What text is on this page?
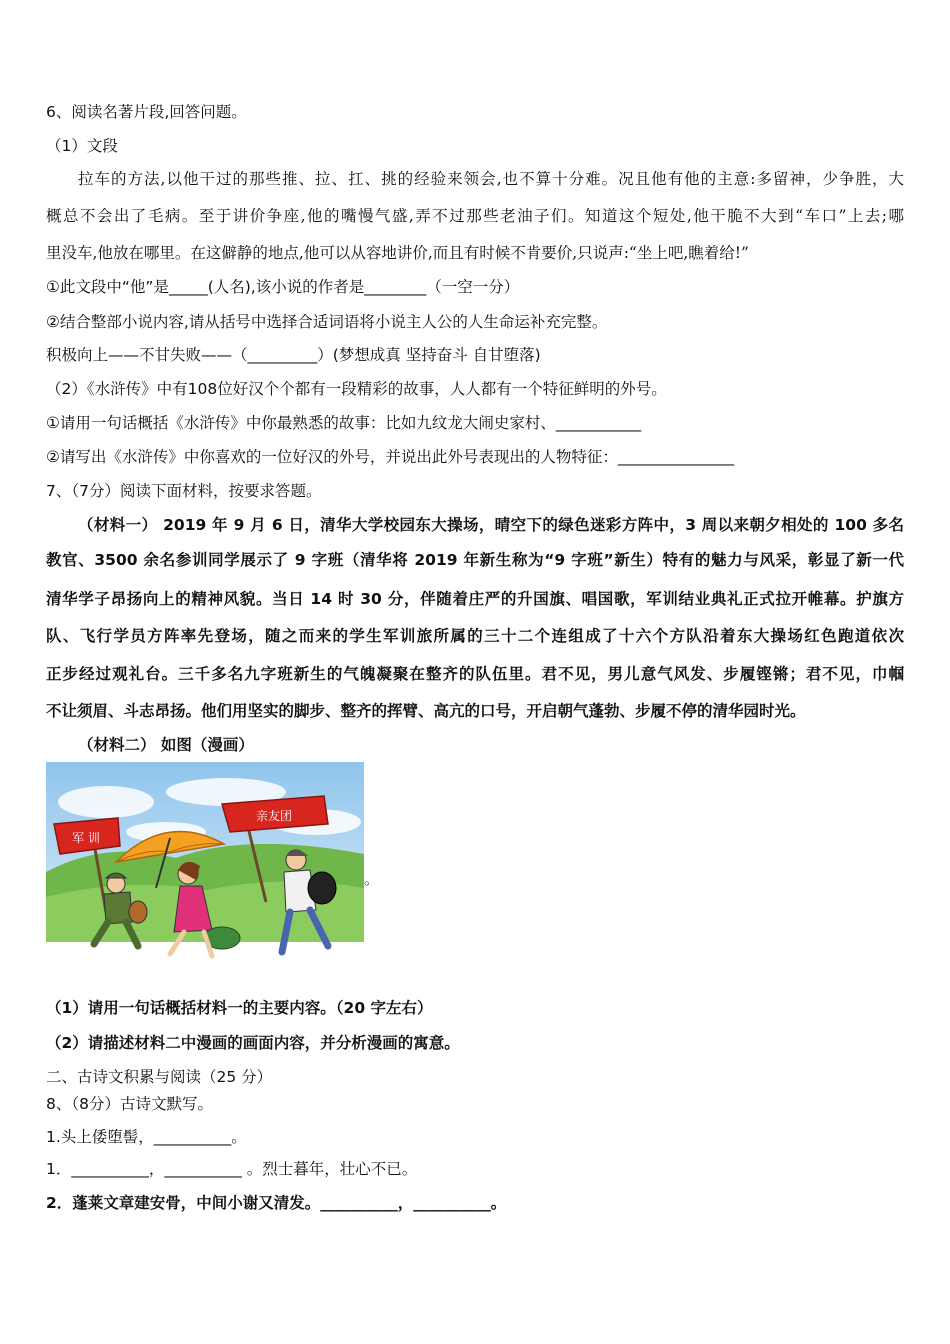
6、阅读名著片段,回答问题。
（1）文段
拉车的方法,以他干过的那些推、拉、扛、挑的经验来领会,也不算十分难。况且他有他的主意:多留神，少争胜，大
概总不会出了毛病。至于讲价争座,他的嘴慢气盛,弄不过那些老油子们。知道这个短处,他干脆不大到“车口”上去;哪
里没车,他放在哪里。在这僻静的地点,他可以从容地讲价,而且有时候不肯要价,只说声:“坐上吧,瞧着给!”
①此文段中“他”是_____(人名),该小说的作者是________（一空一分）
②结合整部小说内容,请从括号中选择合适词语将小说主人公的人生命运补充完整。
积极向上——不甘失败——（_________）(梦想成真 坚持奋斗 自甘堕落)
（2）《水浒传》中有108位好汉个个都有一段精彩的故事，人人都有一个特征鲜明的外号。
①请用一句话概括《水浒传》中你最熟悉的故事：比如九纹龙大闹史家村、___________
②请写出《水浒传》中你喜欢的一位好汉的外号，并说出此外号表现出的人物特征：_______________
7、（7分）阅读下面材料，按要求答题。
（材料一） 2019 年 9 月 6 日，清华大学校园东大操场，晴空下的绿色迷彩方阵中，3 周以来朝夕相处的 100 多名
教官、3500 余名参训同学展示了 9 字班（清华将 2019 年新生称为“9 字班”新生）特有的魅力与风采，彰显了新一代
清华学子昂扬向上的精神风貌。当日 14 时 30 分，伴随着庄严的升国旗、唱国歌，军训结业典礼正式拉开帷幕。护旗方
队、飞行学员方阵率先登场，随之而来的学生军训旅所属的三十二个连组成了十六个方队沿着东大操场红色跑道依次
正步经过观礼台。三千多名九字班新生的气魄凝聚在整齐的队伍里。君不见，男儿意气风发、步履铿锵；君不见，巾帼
不让须眉、斗志昂扬。他们用坚实的脚步、整齐的挥臂、高亢的口号，开启朝气蓬勃、步履不停的清华园时光。
（材料二） 如图（漫画）
军 训
亲友团
。
（1）请用一句话概括材料一的主要内容。（20 字左右）
（2）请描述材料二中漫画的画面内容，并分析漫画的寓意。
二、古诗文积累与阅读（25 分）
8、（8分）古诗文默写。
1.头上倭堕髻，__________。
1．__________，__________ 。烈士暮年，壮心不已。
2．蓬莱文章建安骨，中间小谢又清发。__________，__________。
